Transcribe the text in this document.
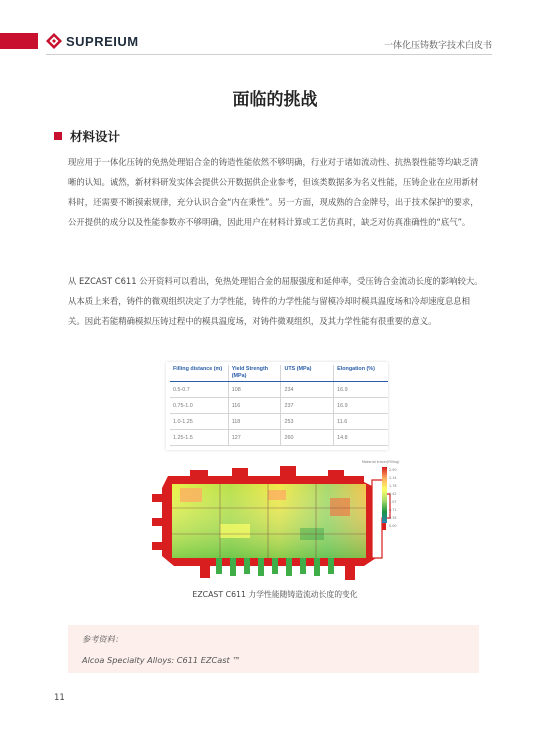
SUPREIUM	一体化压铸数字技术白皮书
面临的挑战
材料设计
现应用于一体化压铸的免热处理铝合金的铸造性能依然不够明确，行业对于诸如流动性、抗热裂性能等均缺乏清晰的认知。诚然，新材料研发实体会提供公开数据供企业参考，但该类数据多为名义性能，压铸企业在应用新材料时，还需要不断摸索规律，充分认识合金“内在秉性”。另一方面，现成熟的合金牌号，出于技术保护的要求，公开提供的成分以及性能参数亦不够明确，因此用户在材料计算或工艺仿真时，缺乏对仿真准确性的“底气”。
从 EZCAST C611 公开资料可以看出，免热处理铝合金的屈服强度和延伸率，受压铸合金流动长度的影响较大。从本质上来看，铸件的微观组织决定了力学性能，铸件的力学性能与留模冷却时模具温度场和冷却速度息息相关。因此若能精确模拟压铸过程中的模具温度场，对铸件微观组织，及其力学性能有很重要的意义。
Filling distance (m)	Yield Strength (MPa)	UTS (MPa)	Elongation (%)
0.5-0.7	108	234	16.9
0.75-1.0	116	237	16.9
1.0-1.25	118	253	11.6
1.25-1.5	127	260	14.8
Material tracer(Filling)
2.50
2.14
1.78
1.42
1.07
0.71
0.35
0.00
EZCAST C611 力学性能随铸造流动长度的变化
参考资料：
Alcoa Specialty Alloys: C611 EZCast ™
11
